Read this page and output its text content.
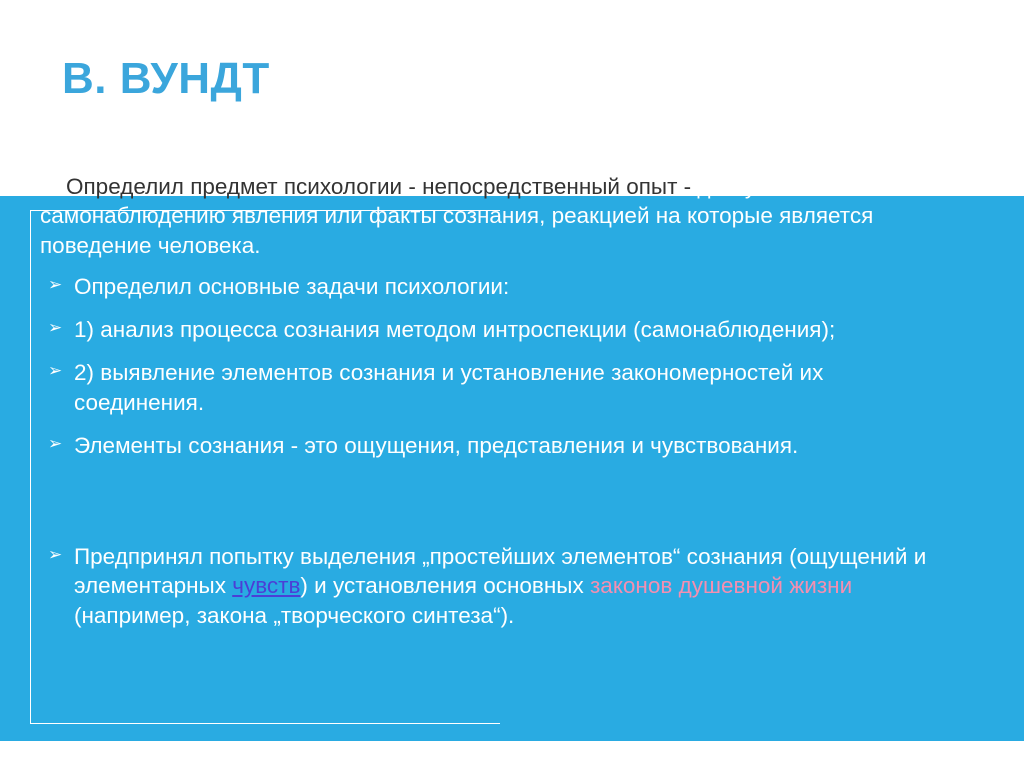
В. ВУНДТ

Определил предмет психологии - непосредственный опыт - доступные самонаблюдению явления или факты сознания, реакцией на которые является поведение человека.

➢ Определил основные задачи психологии:
➢ 1) анализ процесса сознания методом интроспекции (самонаблюдения);
➢ 2) выявление элементов сознания и установление закономерностей их соединения.
➢ Элементы сознания - это ощущения, представления и чувствования.
➢ Предпринял попытку выделения „простейших элементов“ сознания (ощущений и элементарных чувств) и установления основных законов душевной жизни (например, закона „творческого синтеза“).
